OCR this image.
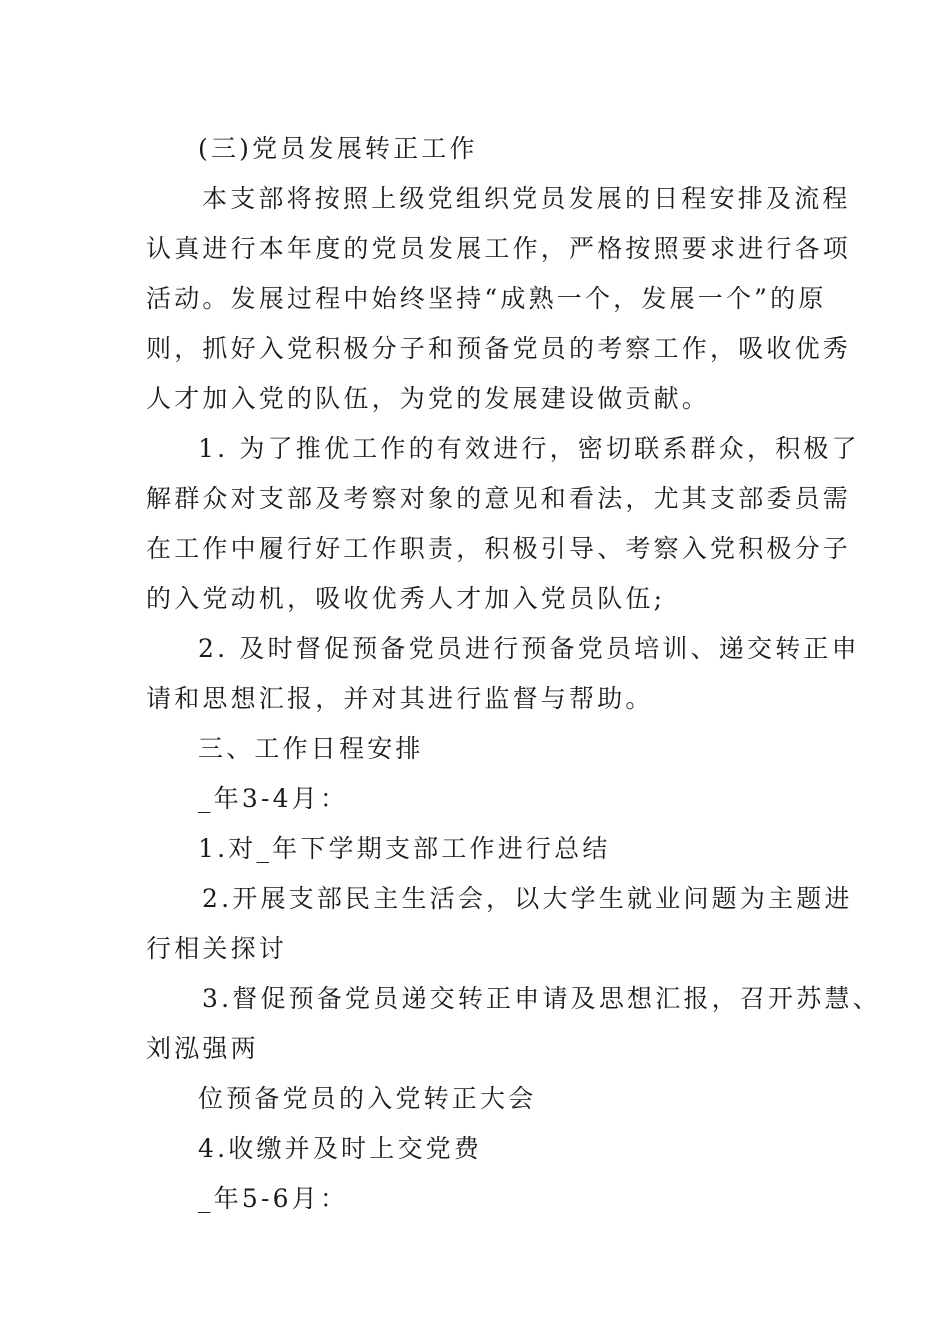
(三)党员发展转正工作
本支部将按照上级党组织党员发展的日程安排及流程
认真进行本年度的党员发展工作，严格按照要求进行各项
活动。发展过程中始终坚持“成熟一个，发展一个”的原
则，抓好入党积极分子和预备党员的考察工作，吸收优秀
人才加入党的队伍，为党的发展建设做贡献。
1. 为了推优工作的有效进行，密切联系群众，积极了
解群众对支部及考察对象的意见和看法，尤其支部委员需
在工作中履行好工作职责，积极引导、考察入党积极分子
的入党动机，吸收优秀人才加入党员队伍;
2. 及时督促预备党员进行预备党员培训、递交转正申
请和思想汇报，并对其进行监督与帮助。
三、工作日程安排
_年3-4月：
1.对_年下学期支部工作进行总结
2.开展支部民主生活会，以大学生就业问题为主题进
行相关探讨
3.督促预备党员递交转正申请及思想汇报，召开苏慧、
刘泓强两
位预备党员的入党转正大会
4.收缴并及时上交党费
_年5-6月：
